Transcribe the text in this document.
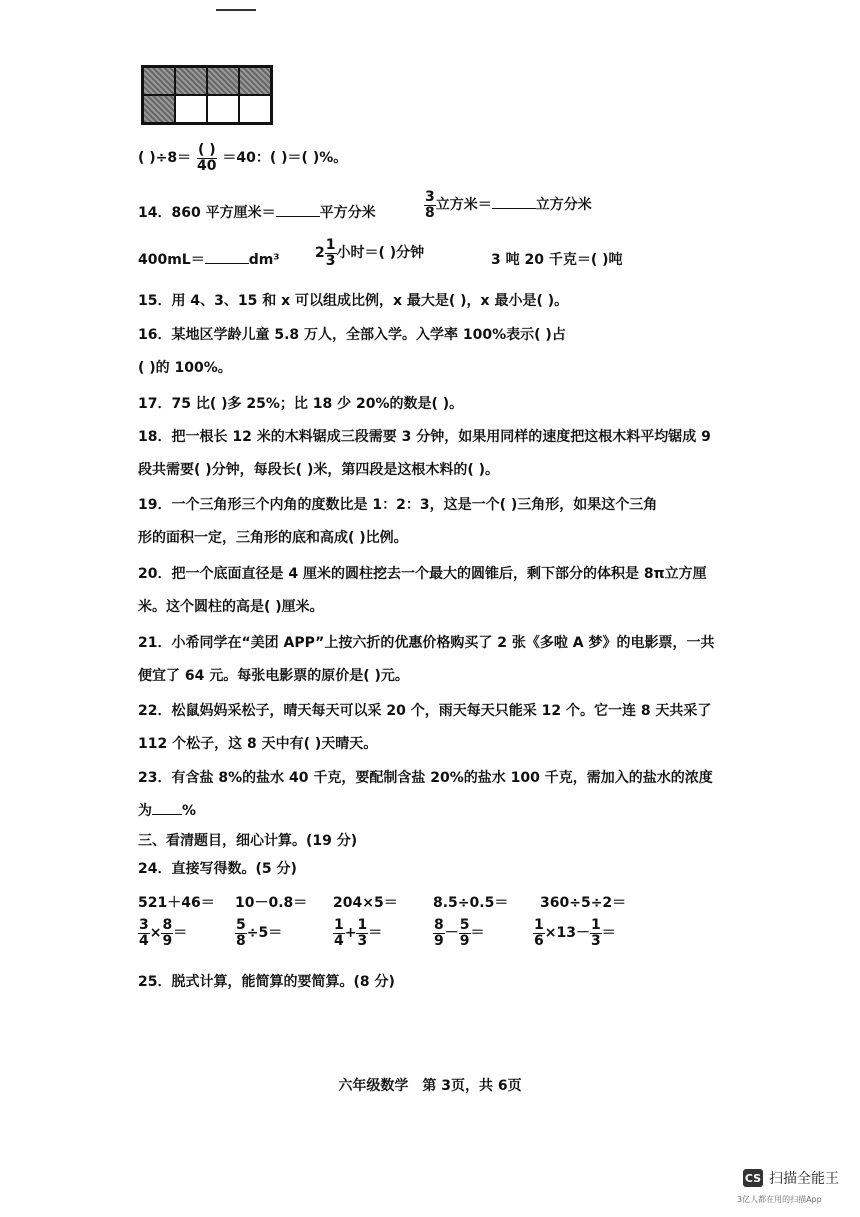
( )$\div 8= \frac{( )}{40} =40$：( )＝( )%。
14．860 平方厘米＝	平方分米	$\frac{3}{8}$ 立方米＝	立方分米
400mL＝	dm³	$2 \frac{1}{3}$ 小时＝( )分钟	3 吨 20 千克＝( )吨
15．用 4、3、15 和 x 可以组成比例，x 最大是( )，x 最小是( )。
16．某地区学龄儿童 5.8 万人，全部入学。入学率 100%表示( )占
( )的 100%。
17．75 比( )多 25%；比 18 少 20%的数是( )。
18．把一根长 12 米的木料锯成三段需要 3 分钟，如果用同样的速度把这根木料平均锯成 9
段共需要( )分钟，每段长( )米，第四段是这根木料的( )。
19．一个三角形三个内角的度数比是 1：2：3，这是一个( )三角形，如果这个三角
形的面积一定，三角形的底和高成( )比例。
20．把一个底面直径是 4 厘米的圆柱挖去一个最大的圆锥后，剩下部分的体积是 8π立方厘
米。这个圆柱的高是( )厘米。
21．小希同学在“美团 APP”上按六折的优惠价格购买了 2 张《多啦 A 梦》的电影票，一共
便宜了 64 元。每张电影票的原价是( )元。
22．松鼠妈妈采松子，晴天每天可以采 20 个，雨天每天只能采 12 个。它一连 8 天共采了
112 个松子，这 8 天中有( )天晴天。
23．有含盐 8%的盐水 40 千克，要配制含盐 20%的盐水 100 千克，需加入的盐水的浓度
为 %
三、看清题目，细心计算。(19 分)
24．直接写得数。(5 分)
521＋46＝ 10－0.8＝ 204×5＝	8.5÷0.5＝ 360÷5÷2＝
$\frac{3}{4} \times \frac{8}{9}$ ＝	$\frac{5}{8} \div 5=$	$\frac{1}{4} + \frac{1}{3}$ ＝	$\frac{8}{9} - \frac{5}{9}$ ＝	$\frac{1}{6} \times 13- \frac{1}{3}$ ＝
25．脱式计算，能简算的要简算。(8 分)
六年级数学　第 3页，共 6页
CS 扫描全能王
3亿人都在用的扫描App
